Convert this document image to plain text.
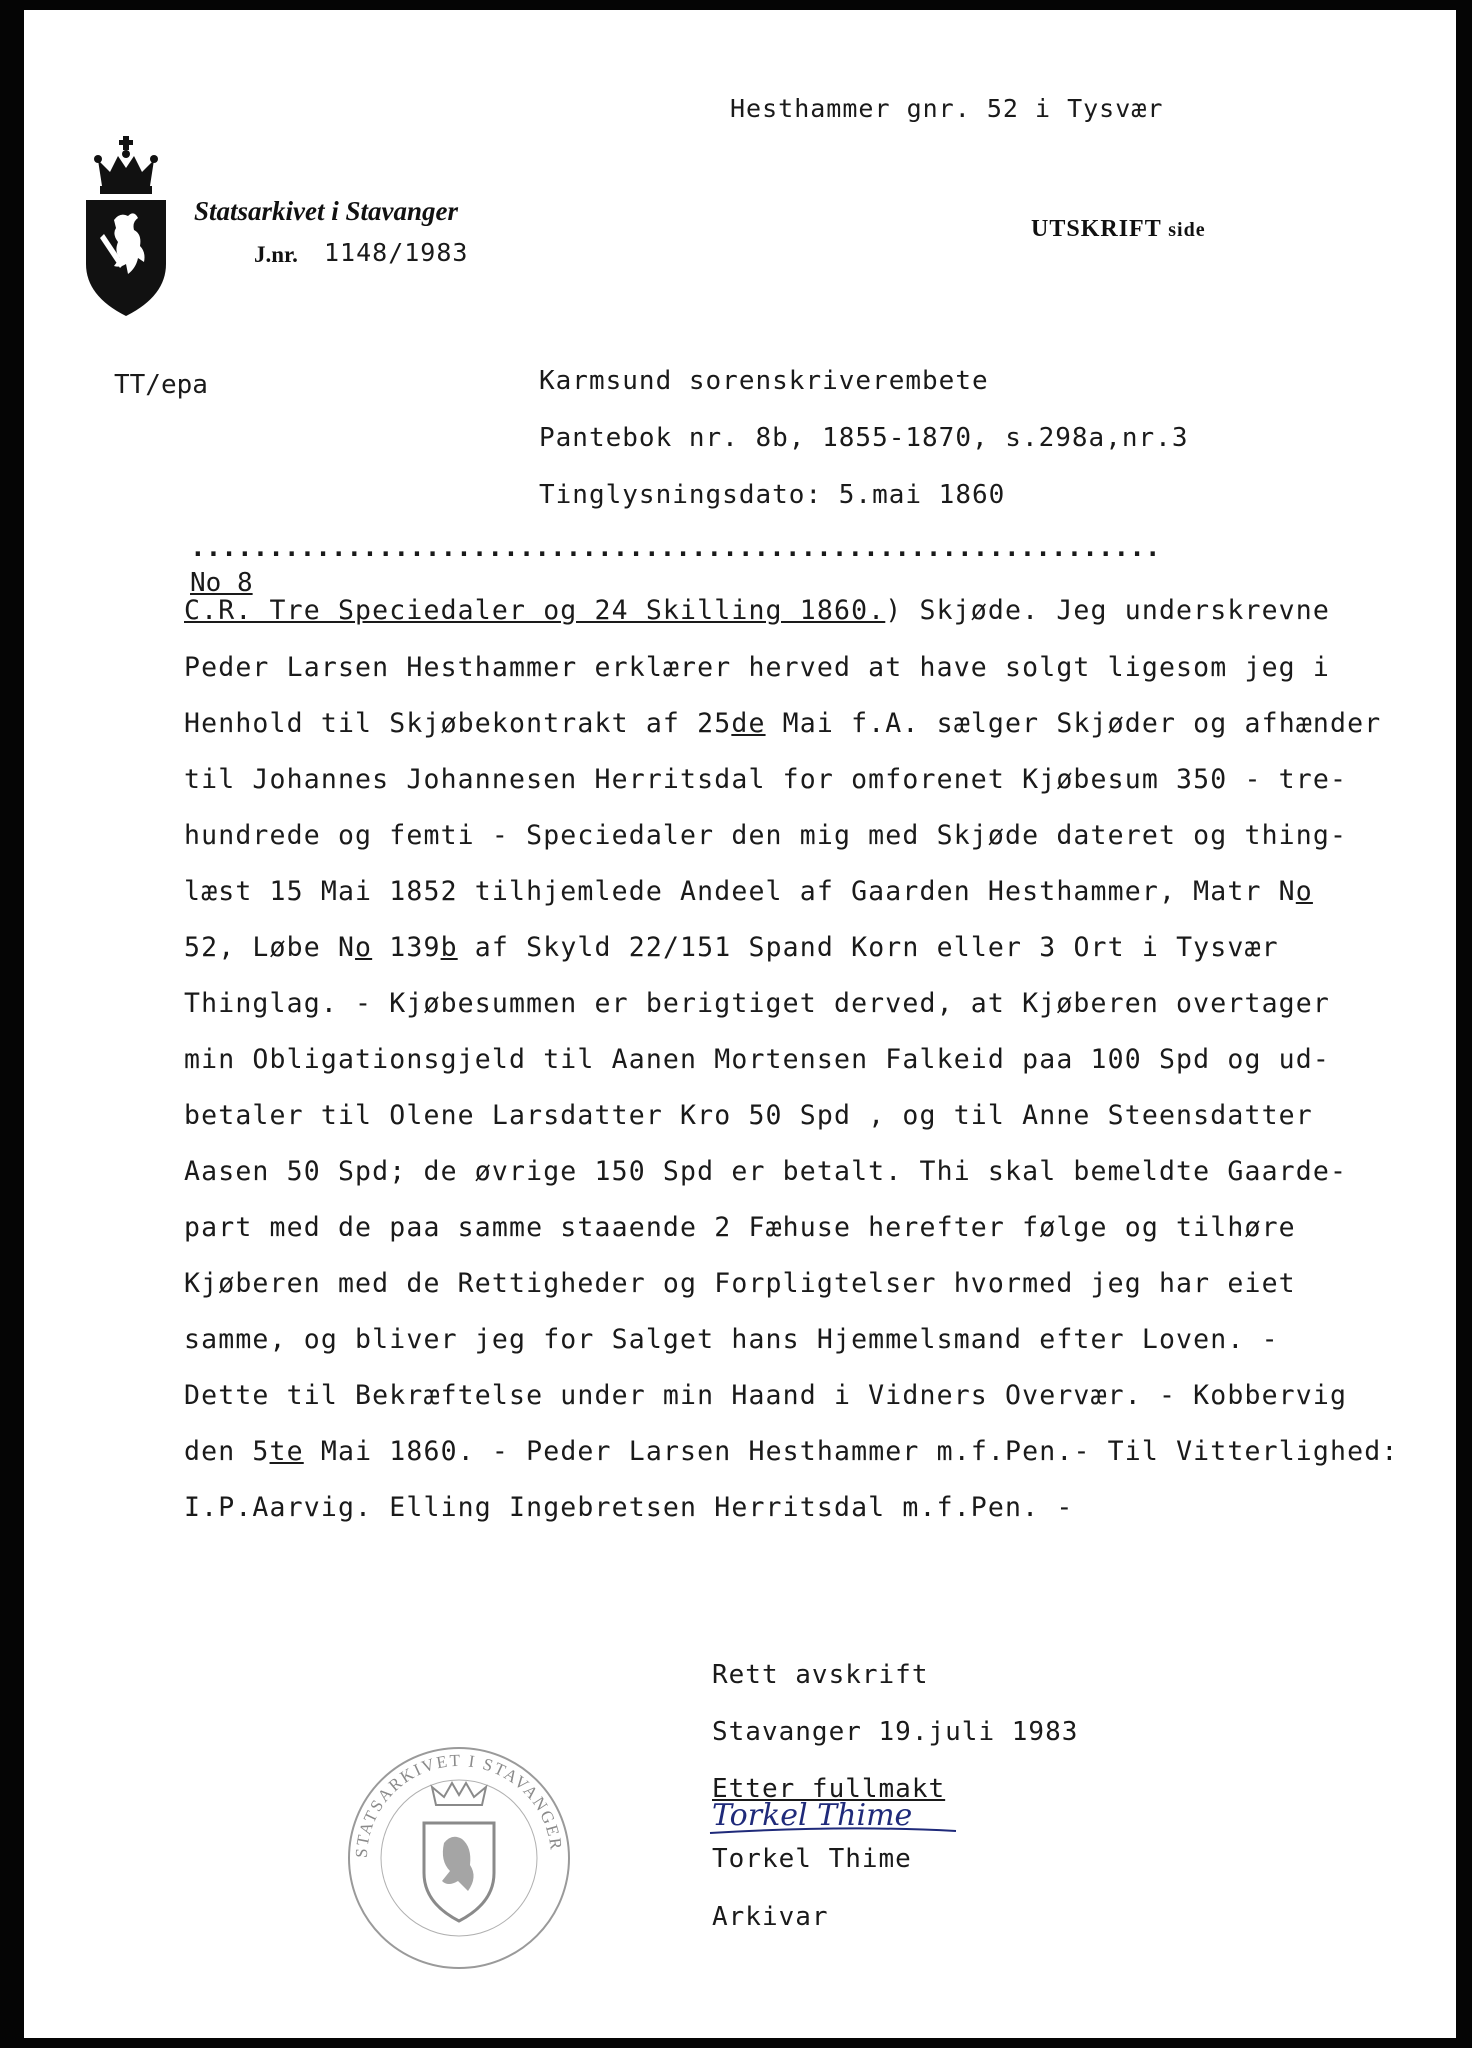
Hesthammer gnr. 52 i Tysvær
Statsarkivet i Stavanger
J.nr. 1148/1983
UTSKRIFT side
TT/epa	Karmsund sorenskriverembete
Pantebok nr. 8b, 1855-1870, s.298a,nr.3
Tinglysningsdato: 5.mai 1860
..............................................................
No 8
C.R. Tre Speciedaler og 24 Skilling 1860.) Skjøde. Jeg underskrevne
Peder Larsen Hesthammer erklærer herved at have solgt ligesom jeg i
Henhold til Skjøbekontrakt af 25de Mai f.A. sælger Skjøder og afhænder
til Johannes Johannesen Herritsdal for omforenet Kjøbesum 350 - tre-
hundrede og femti - Speciedaler den mig med Skjøde dateret og thing-
læst 15 Mai 1852 tilhjemlede Andeel af Gaarden Hesthammer, Matr No
52, Løbe No 139b af Skyld 22/151 Spand Korn eller 3 Ort i Tysvær
Thinglag. - Kjøbesummen er berigtiget derved, at Kjøberen overtager
min Obligationsgjeld til Aanen Mortensen Falkeid paa 100 Spd og ud-
betaler til Olene Larsdatter Kro 50 Spd , og til Anne Steensdatter
Aasen 50 Spd; de øvrige 150 Spd er betalt. Thi skal bemeldte Gaarde-
part med de paa samme staaende 2 Fæhuse herefter følge og tilhøre
Kjøberen med de Rettigheder og Forpligtelser hvormed jeg har eiet
samme, og bliver jeg for Salget hans Hjemmelsmand efter Loven. -
Dette til Bekræftelse under min Haand i Vidners Overvær. - Kobbervig
den 5te Mai 1860. - Peder Larsen Hesthammer m.f.Pen.- Til Vitterlighed:
I.P.Aarvig. Elling Ingebretsen Herritsdal m.f.Pen. -
STATSARKIVET I STAVANGER
Rett avskrift
Stavanger 19.juli 1983
Etter fullmakt
Torkel Thime
Torkel Thime
Arkivar
